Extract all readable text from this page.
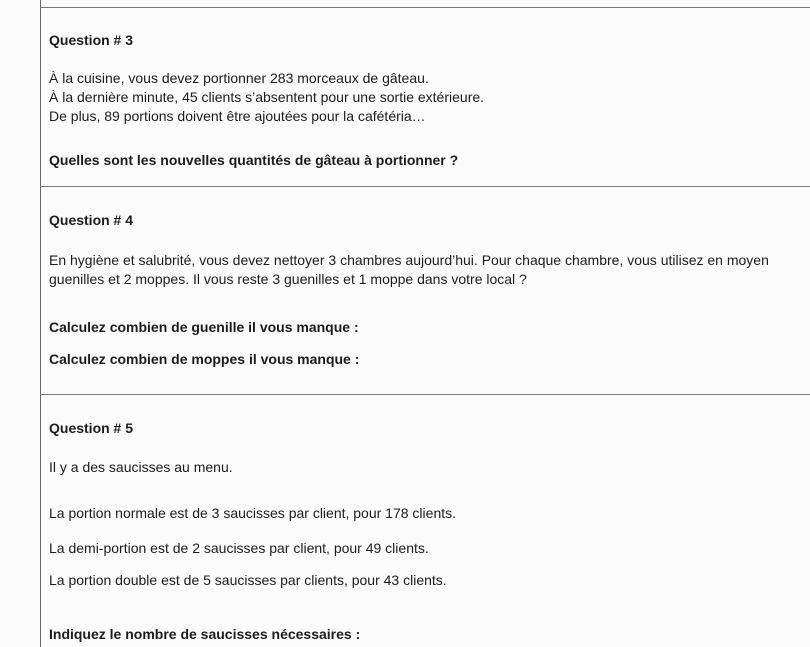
Question # 3
À la cuisine, vous devez portionner 283 morceaux de gâteau.
À la dernière minute, 45 clients s’absentent pour une sortie extérieure.
De plus, 89 portions doivent être ajoutées pour la cafétéria…
Quelles sont les nouvelles quantités de gâteau à portionner ?
Question # 4
En hygiène et salubrité, vous devez nettoyer 3 chambres aujourd’hui. Pour chaque chambre, vous utilisez en moyen
guenilles et 2 moppes. Il vous reste 3 guenilles et 1 moppe dans votre local ?
Calculez combien de guenille il vous manque :
Calculez combien de moppes il vous manque :
Question # 5
Il y a des saucisses au menu.
La portion normale est de 3 saucisses par client, pour 178 clients.
La demi-portion est de 2 saucisses par client, pour 49 clients.
La portion double est de 5 saucisses par clients, pour 43 clients.
Indiquez le nombre de saucisses nécessaires :
